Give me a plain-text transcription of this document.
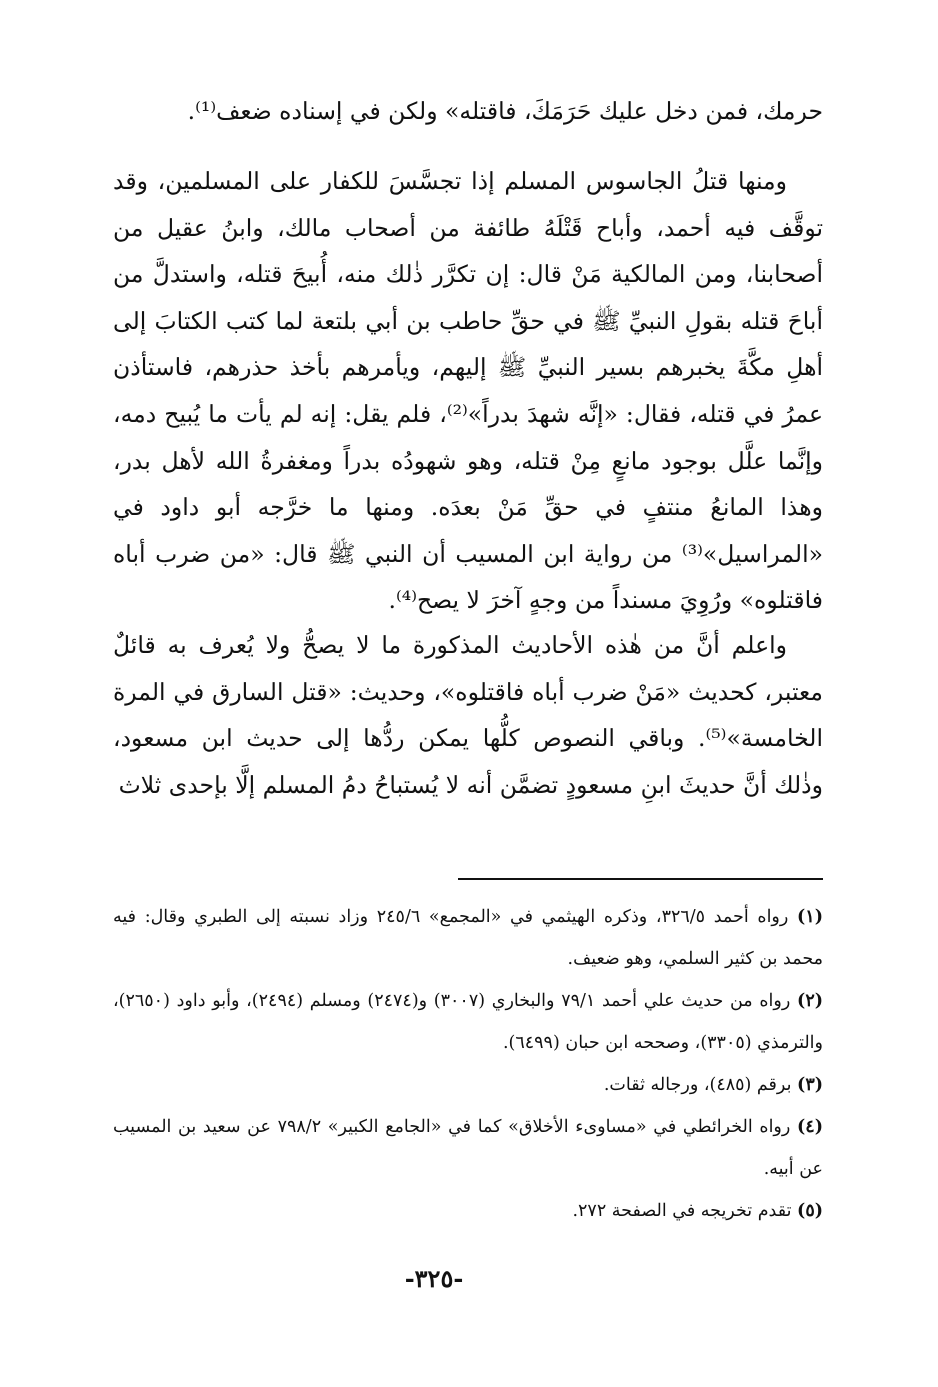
حرمك، فمن دخل عليك حَرَمَكَ، فاقتله» ولكن في إسناده ضعف⁽¹⁾.

ومنها قتلُ الجاسوس المسلم إذا تجسَّسَ للكفار على المسلمين، وقد توقَّف فيه أحمد، وأباح قَتْلَهُ طائفة من أصحاب مالك، وابنُ عقيل من أصحابنا، ومن المالكية مَنْ قال: إن تكرَّر ذٰلك منه، أُبيحَ قتله، واستدلَّ من أباحَ قتله بقولِ النبيِّ ﷺ في حقِّ حاطب بن أبي بلتعة لما كتب الكتابَ إلى أهلِ مكَّةَ يخبرهم بسير النبيِّ ﷺ إليهم، ويأمرهم بأخذ حذرهم، فاستأذن عمرُ في قتله، فقال: «إنَّه شهدَ بدراً»⁽²⁾، فلم يقل: إنه لم يأت ما يُبيح دمه، وإنَّما علَّل بوجود مانعٍ مِنْ قتله، وهو شهودُه بدراً ومغفرةُ الله لأهل بدر، وهذا المانعُ منتفٍ في حقِّ مَنْ بعدَه. ومنها ما خرَّجه أبو داود في «المراسيل»⁽³⁾ من رواية ابن المسيب أن النبي ﷺ قال: «من ضرب أباه فاقتلوه» ورُوِيَ مسنداً من وجهٍ آخرَ لا يصح⁽⁴⁾.

واعلم أنَّ من هٰذه الأحاديث المذكورة ما لا يصحُّ ولا يُعرف به قائلٌ معتبر، كحديث «مَنْ ضرب أباه فاقتلوه»، وحديث: «قتل السارق في المرة الخامسة»⁽⁵⁾. وباقي النصوص كلُّها يمكن ردُّها إلى حديث ابن مسعود، وذٰلك أنَّ حديثَ ابنِ مسعودٍ تضمَّن أنه لا يُستباحُ دمُ المسلم إلَّا بإحدى ثلاث

(١) رواه أحمد ٣٢٦/٥، وذكره الهيثمي في «المجمع» ٢٤٥/٦ وزاد نسبته إلى الطبري وقال: فيه محمد بن كثير السلمي، وهو ضعيف.
(٢) رواه من حديث علي أحمد ٧٩/١ والبخاري (٣٠٠٧) و(٢٤٧٤) ومسلم (٢٤٩٤)، وأبو داود (٢٦٥٠)، والترمذي (٣٣٠٥)، وصححه ابن حبان (٦٤٩٩).
(٣) برقم (٤٨٥)، ورجاله ثقات.
(٤) رواه الخرائطي في «مساوىء الأخلاق» كما في «الجامع الكبير» ٧٩٨/٢ عن سعيد بن المسيب عن أبيه.
(٥) تقدم تخريجه في الصفحة ٢٧٢.
-٣٢٥-
